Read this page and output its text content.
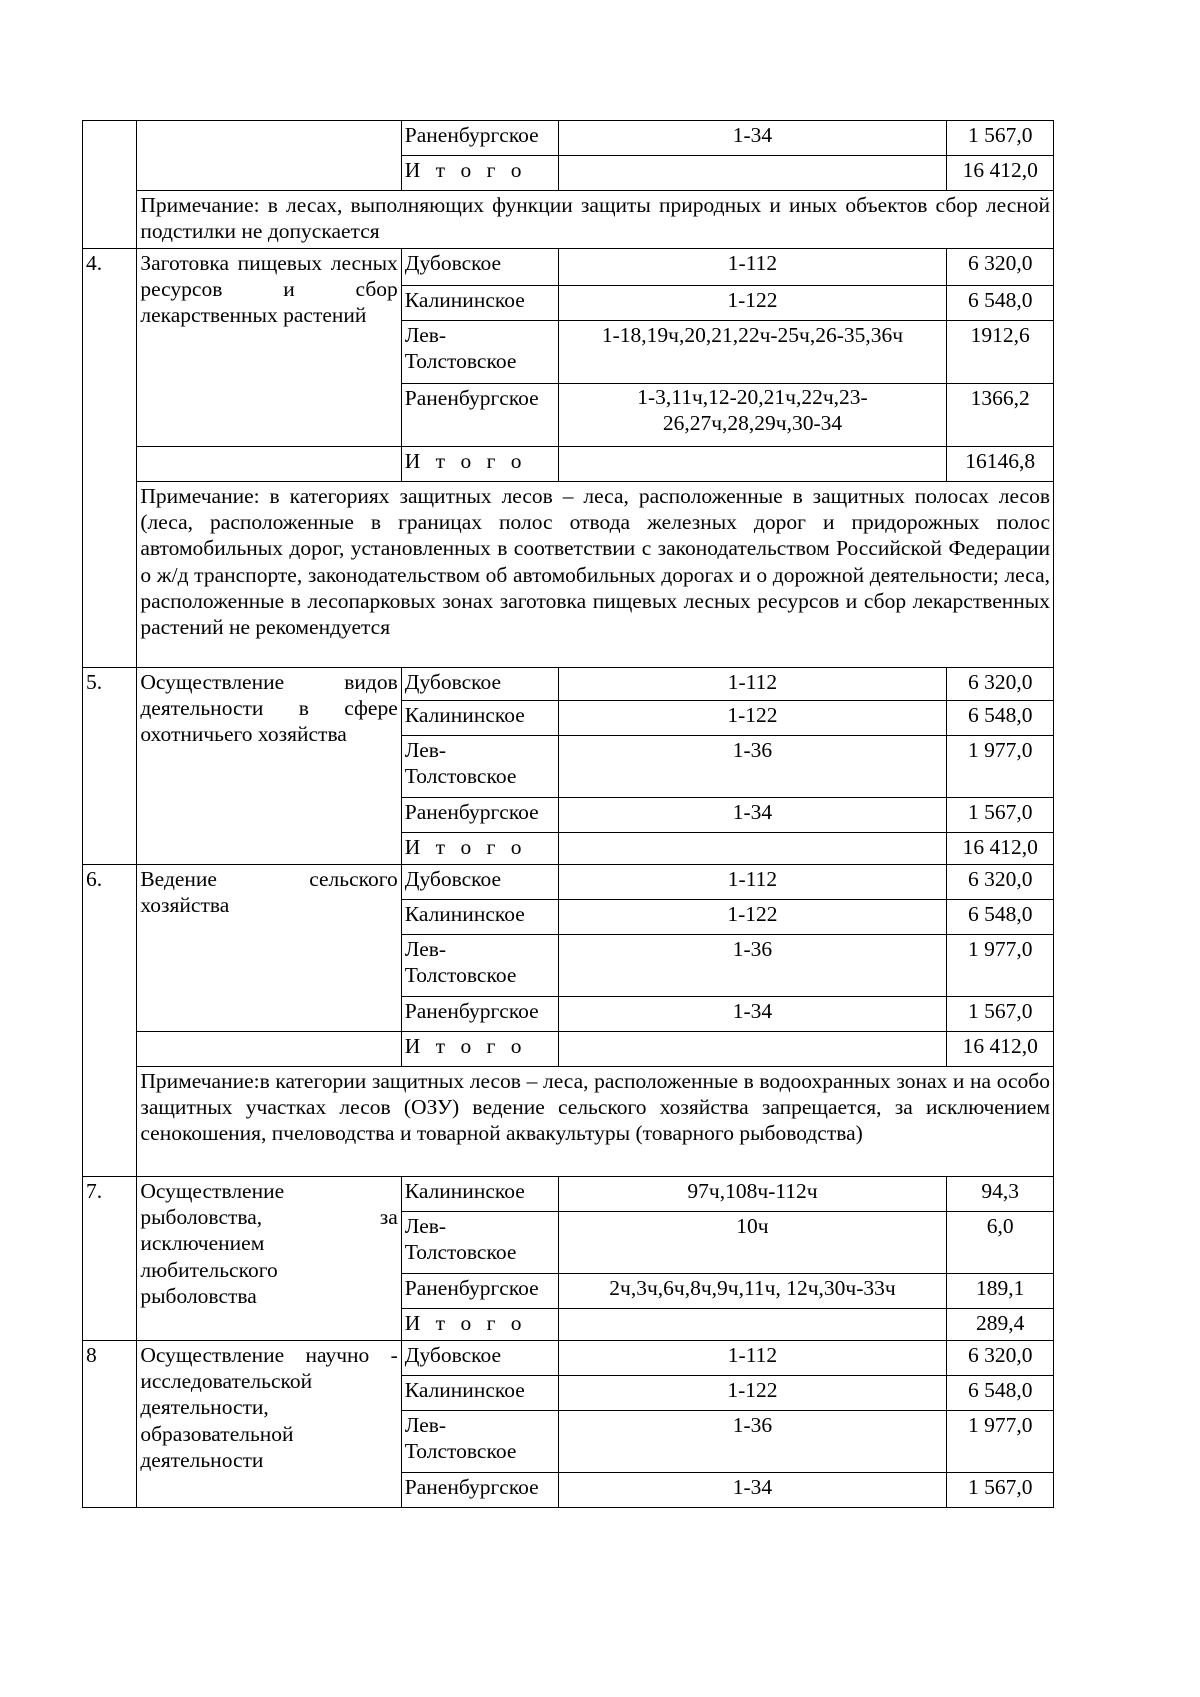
		Раненбургское	1-34	1 567,0
		И т о г о		16 412,0
	Примечание: в лесах, выполняющих функции защиты природных и иных объектов сбор лесной подстилки не допускается			
4.	Заготовка пищевых лесных ресурсов и сбор лекарственных растений	Дубовское	1-112	6 320,0
		Калининское	1-122	6 548,0
		Лев-Толстовское	1-18,19ч,20,21,22ч-25ч,26-35,36ч	1912,6
		Раненбургское	1-3,11ч,12-20,21ч,22ч,23-26,27ч,28,29ч,30-34	1366,2
		И т о г о		16146,8
	Примечание: в категориях защитных лесов – леса, расположенные в защитных полосах лесов (леса, расположенные в границах полос отвода железных дорог и придорожных полос автомобильных дорог, установленных в соответствии с законодательством Российской Федерации о ж/д транспорте, законодательством об автомобильных дорогах и о дорожной деятельности; леса, расположенные в лесопарковых зонах заготовка пищевых лесных ресурсов и сбор лекарственных растений не рекомендуется			
5.	Осуществление видов деятельности в сфере охотничьего хозяйства	Дубовское	1-112	6 320,0
		Калининское	1-122	6 548,0
		Лев-Толстовское	1-36	1 977,0
		Раненбургское	1-34	1 567,0
		И т о г о		16 412,0
6.	Ведение сельского хозяйства	Дубовское	1-112	6 320,0
		Калининское	1-122	6 548,0
		Лев-Толстовское	1-36	1 977,0
		Раненбургское	1-34	1 567,0
		И т о г о		16 412,0
	Примечание:в категории защитных лесов – леса, расположенные в водоохранных зонах и на особо защитных участках лесов (ОЗУ) ведение сельского хозяйства запрещается, за исключением сенокошения, пчеловодства и товарной аквакультуры (товарного рыбоводства)			
7.	Осуществление рыболовства, за исключением любительского рыболовства	Калининское	97ч,108ч-112ч	94,3
		Лев-Толстовское	10ч	6,0
		Раненбургское	2ч,3ч,6ч,8ч,9ч,11ч, 12ч,30ч-33ч	189,1
		И т о г о		289,4
8	Осуществление научно - исследовательской деятельности, образовательной деятельности	Дубовское	1-112	6 320,0
		Калининское	1-122	6 548,0
		Лев-Толстовское	1-36	1 977,0
		Раненбургское	1-34	1 567,0
